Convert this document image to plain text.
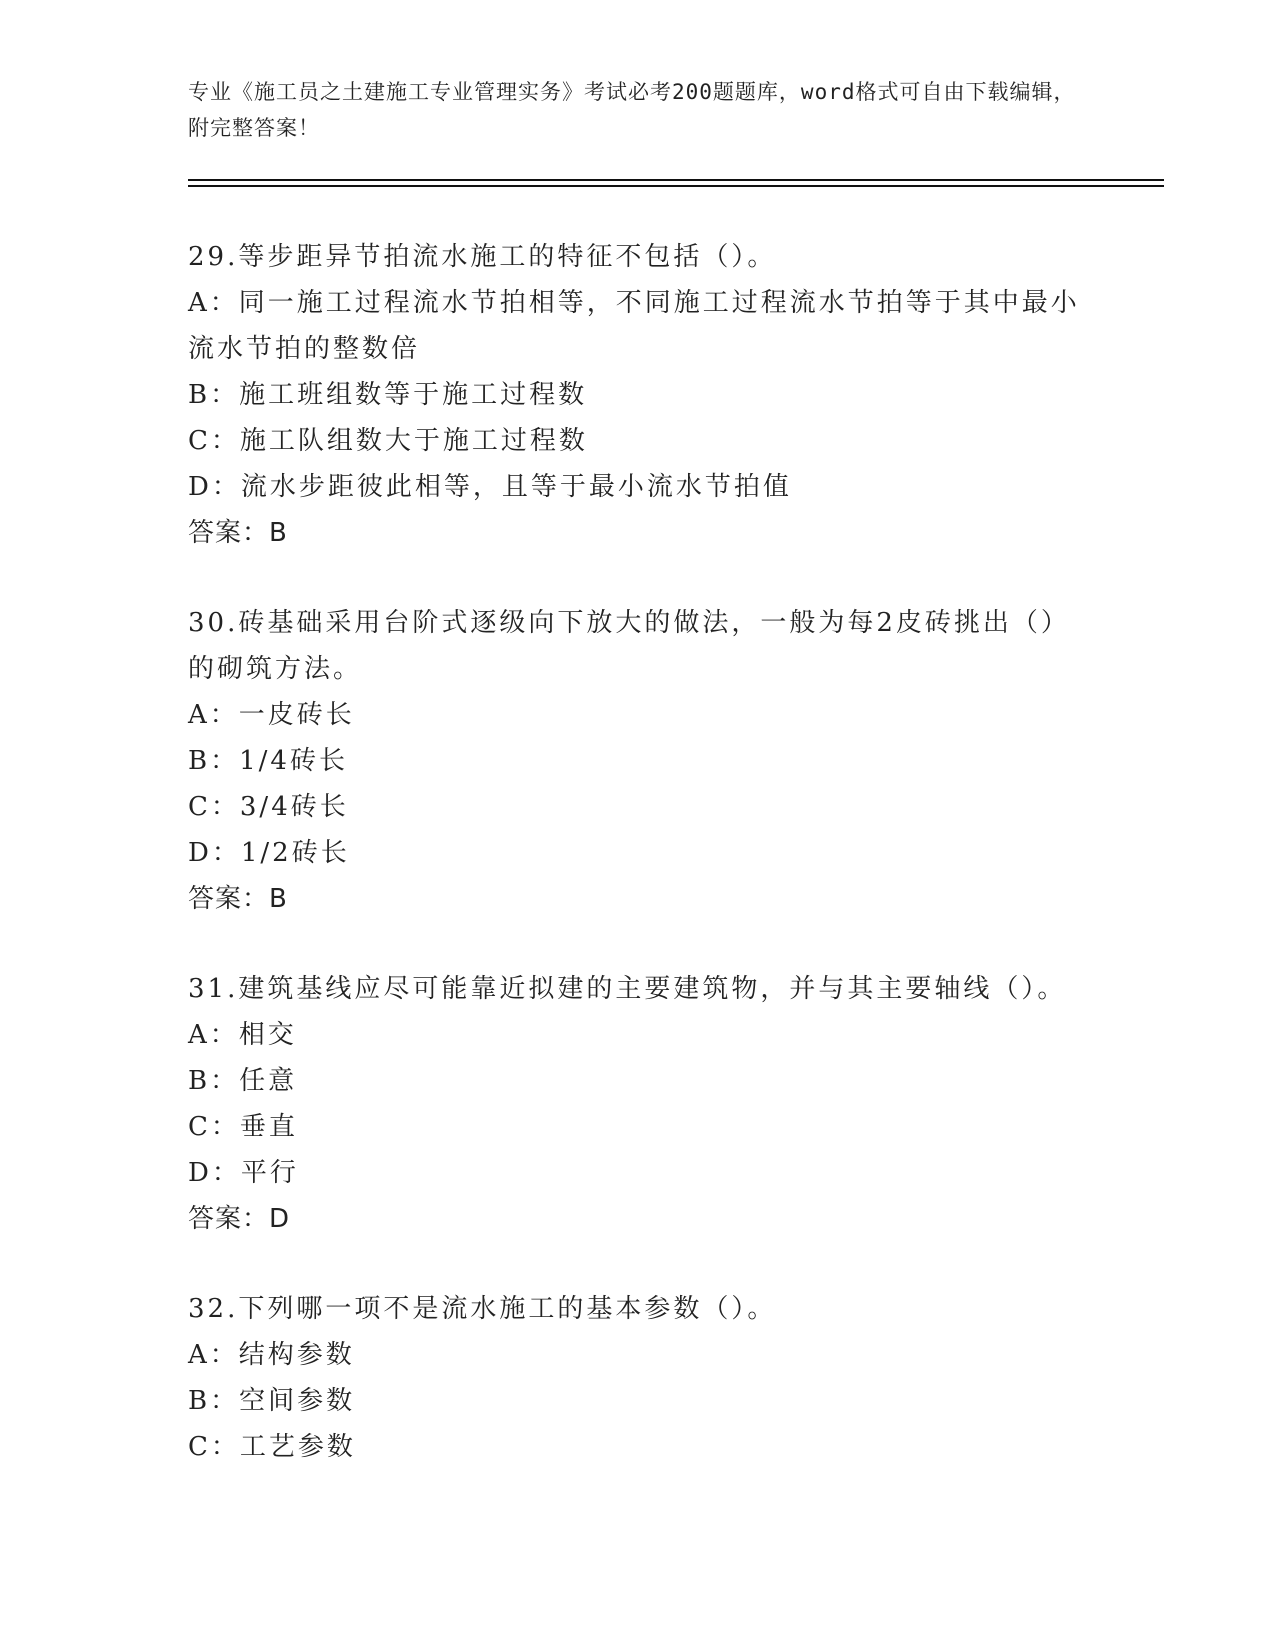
专业《施工员之土建施工专业管理实务》考试必考200题题库，word格式可自由下载编辑，附完整答案！
29.等步距异节拍流水施工的特征不包括（）。
A：同一施工过程流水节拍相等，不同施工过程流水节拍等于其中最小流水节拍的整数倍
B：施工班组数等于施工过程数
C：施工队组数大于施工过程数
D：流水步距彼此相等，且等于最小流水节拍值
答案：B
30.砖基础采用台阶式逐级向下放大的做法，一般为每2皮砖挑出（）的砌筑方法。
A：一皮砖长
B：1/4砖长
C：3/4砖长
D：1/2砖长
答案：B
31.建筑基线应尽可能靠近拟建的主要建筑物，并与其主要轴线（）。
A：相交
B：任意
C：垂直
D：平行
答案：D
32.下列哪一项不是流水施工的基本参数（）。
A：结构参数
B：空间参数
C：工艺参数
